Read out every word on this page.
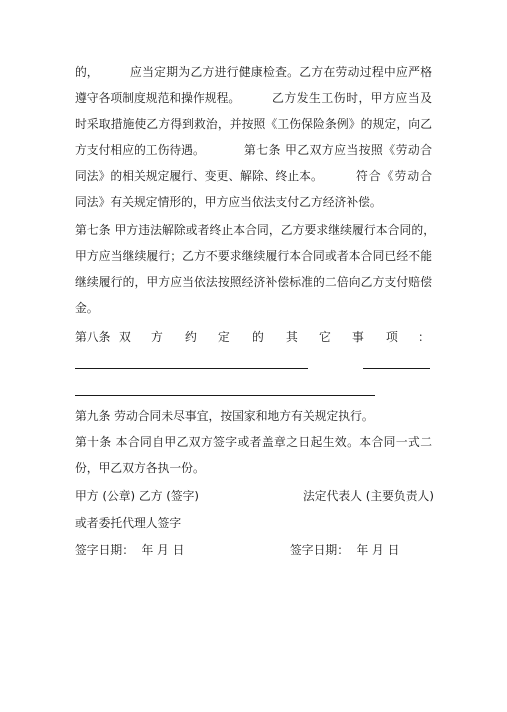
的，	应当定期为乙方进行健康检查。乙方在劳动过程中应严格
遵守各项制度规范和操作规程。	乙方发生工伤时，甲方应当及
时采取措施使乙方得到救治，并按照《工伤保险条例》的规定，向乙
方支付相应的工伤待遇。	第七条 甲乙双方应当按照《劳动合
同法》的相关规定履行、变更、解除、终止本。	符合《劳动合
同法》有关规定情形的，甲方应当依法支付乙方经济补偿。
第七条 甲方违法解除或者终止本合同，乙方要求继续履行本合同的，
甲方应当继续履行；乙方不要求继续履行本合同或者本合同已经不能
继续履行的，甲方应当依法按照经济补偿标准的二倍向乙方支付赔偿
金。
第八条 双 方 约 定 的 其 它 事 项 ：
第九条 劳动合同未尽事宜，按国家和地方有关规定执行。
第十条 本合同自甲乙双方签字或者盖章之日起生效。本合同一式二
份，甲乙双方各执一份。
甲方 (公章) 乙方 (签字)	法定代表人 (主要负责人)
或者委托代理人签字
签字日期：  年 月 日	签字日期：  年 月 日
